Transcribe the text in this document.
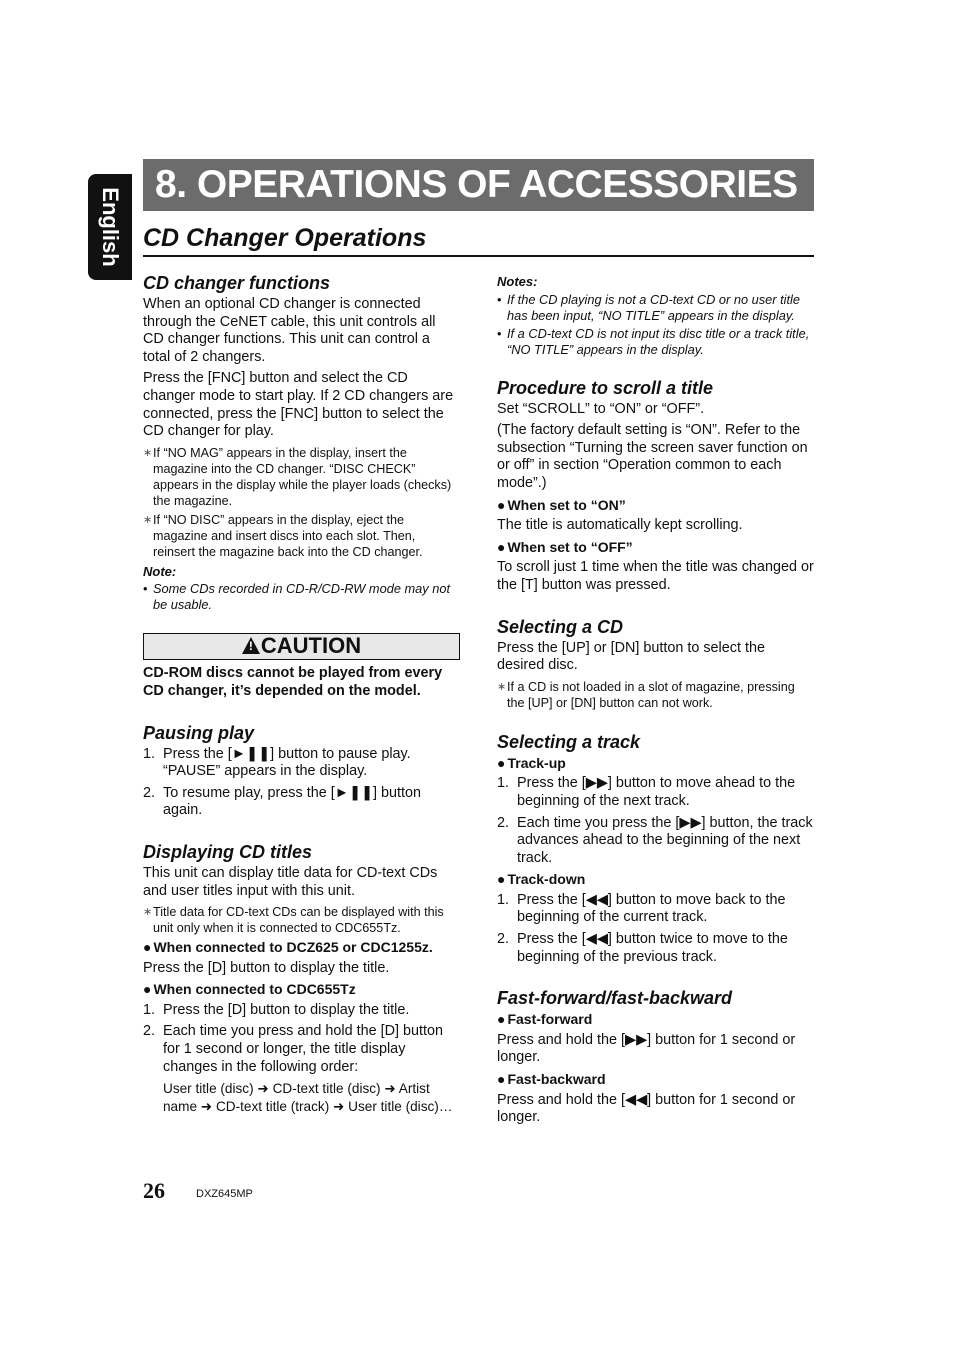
English
8. OPERATIONS OF ACCESSORIES
CD Changer Operations
CD changer functions

When an optional CD changer is connected through the CeNET cable, this unit controls all CD changer functions. This unit can control a total of 2 changers.

Press the [FNC] button and select the CD changer mode to start play. If 2 CD changers are connected, press the [FNC] button to select the CD changer for play.

∗ If “NO MAG” appears in the display, insert the magazine into the CD changer. “DISC CHECK” appears in the display while the player loads (checks) the magazine.
∗ If “NO DISC” appears in the display, eject the magazine and insert discs into each slot. Then, reinsert the magazine back into the CD changer.
Note:
• Some CDs recorded in CD-R/CD-RW mode may not be usable.
!CAUTION

CD-ROM discs cannot be played from every CD changer, it’s depended on the model.

Pausing play
1. Press the [►❚❚] button to pause play. “PAUSE” appears in the display.
2. To resume play, press the [►❚❚] button again.
Displaying CD titles

This unit can display title data for CD-text CDs and user titles input with this unit.

∗ Title data for CD-text CDs can be displayed with this unit only when it is connected to CDC655Tz.
● When connected to DCZ625 or CDC1255z.

Press the [D] button to display the title.

● When connected to CDC655Tz
1. Press the [D] button to display the title.
2. Each time you press and hold the [D] button for 1 second or longer, the title display changes in the following order:
User title (disc) ➜ CD-text title (disc) ➜ Artist name ➜ CD-text title (track) ➜ User title (disc)…
Notes:
• If the CD playing is not a CD-text CD or no user title has been input, “NO TITLE” appears in the display.
• If a CD-text CD is not input its disc title or a track title, “NO TITLE” appears in the display.
Procedure to scroll a title

Set “SCROLL” to “ON” or “OFF”.

(The factory default setting is “ON”. Refer to the subsection “Turning the screen saver function on or off” in section “Operation common to each mode”.)

● When set to “ON”

The title is automatically kept scrolling.

● When set to “OFF”

To scroll just 1 time when the title was changed or the [T] button was pressed.

Selecting a CD

Press the [UP] or [DN] button to select the desired disc.

∗ If a CD is not loaded in a slot of magazine, pressing the [UP] or [DN] button can not work.
Selecting a track
● Track-up
1. Press the [▶▶] button to move ahead to the beginning of the next track.
2. Each time you press the [▶▶] button, the track advances ahead to the beginning of the next track.
● Track-down
1. Press the [◀◀] button to move back to the beginning of the current track.
2. Press the [◀◀] button twice to move to the beginning of the previous track.
Fast-forward/fast-backward
● Fast-forward

Press and hold the [▶▶] button for 1 second or longer.

● Fast-backward

Press and hold the [◀◀] button for 1 second or longer.

26	DXZ645MP
